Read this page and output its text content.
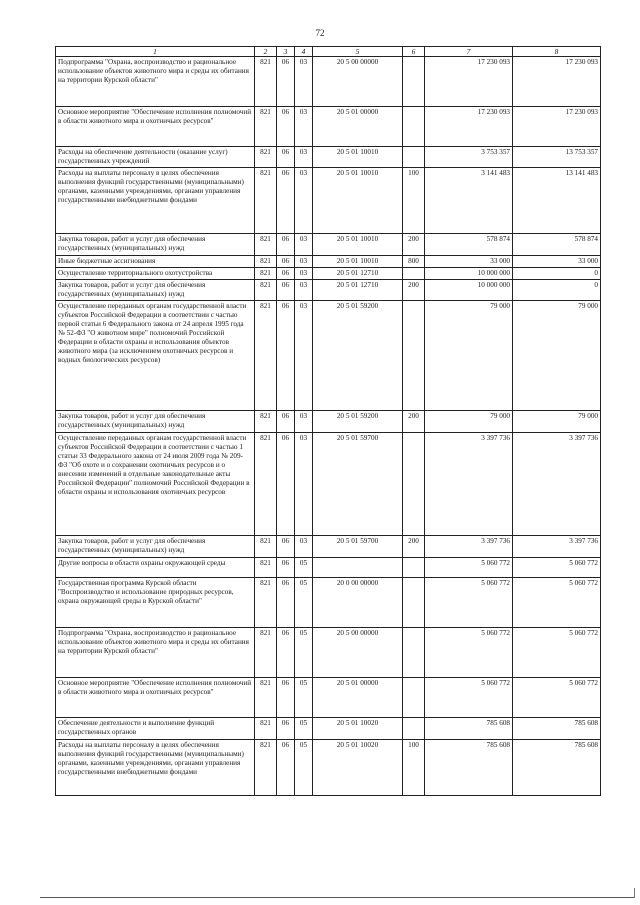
72
1	2	3	4	5	6	7	8
Подпрограмма "Охрана, воспроизводство и рациональное использование объектов животного мира и среды их обитания на территории Курской области"	821	06	03	20 5 00 00000		17 230 093	17 230 093
Основное мероприятие "Обеспечение исполнения полномочий в области животного мира и охотничьих ресурсов"	821	06	03	20 5 01 00000		17 230 093	17 230 093
Расходы на обеспечение деятельности (оказание услуг) государственных учреждений	821	06	03	20 5 01 10010		3 753 357	13 753 357
Расходы на выплаты персоналу в целях обеспечения выполнения функций государственными (муниципальными) органами, казенными учреждениями, органами управления государственными внебюджетными фондами	821	06	03	20 5 01 10010	100	3 141 483	13 141 483
Закупка товаров, работ и услуг для обеспечения государственных (муниципальных) нужд	821	06	03	20 5 01 10010	200	578 874	578 874
Иные бюджетные ассигнования	821	06	03	20 5 01 10010	800	33 000	33 000
Осуществление территориального охотустройства	821	06	03	20 5 01 12710		10 000 000	0
Закупка товаров, работ и услуг для обеспечения государственных (муниципальных) нужд	821	06	03	20 5 01 12710	200	10 000 000	0
Осуществление переданных органам государственной власти субъектов Российской Федерации в соответствии с частью первой статьи 6 Федерального закона от 24 апреля 1995 года № 52-ФЗ "О животном мире" полномочий Российской Федерации в области охраны и использования объектов животного мира (за исключением охотничьих ресурсов и водных биологических ресурсов)	821	06	03	20 5 01 59200		79 000	79 000
Закупка товаров, работ и услуг для обеспечения государственных (муниципальных) нужд	821	06	03	20 5 01 59200	200	79 000	79 000
Осуществление переданных органам государственной власти субъектов Российской Федерации в соответствии с частью 1 статьи 33 Федерального закона от 24 июля 2009 года № 209-ФЗ "Об охоте и о сохранении охотничьих ресурсов и о внесении изменений в отдельные законодательные акты Российской Федерации" полномочий Российской Федерации в области охраны и использования охотничьих ресурсов	821	06	03	20 5 01 59700		3 397 736	3 397 736
Закупка товаров, работ и услуг для обеспечения государственных (муниципальных) нужд	821	06	03	20 5 01 59700	200	3 397 736	3 397 736
Другие вопросы в области охраны окружающей среды	821	06	05			5 060 772	5 060 772
Государственная программа Курской области "Воспроизводство и использование природных ресурсов, охрана окружающей среды в Курской области"	821	06	05	20 0 00 00000		5 060 772	5 060 772
Подпрограмма "Охрана, воспроизводство и рациональное использование объектов животного мира и среды их обитания на территории Курской области"	821	06	05	20 5 00 00000		5 060 772	5 060 772
Основное мероприятие "Обеспечение исполнения полномочий в области животного мира и охотничьих ресурсов"	821	06	05	20 5 01 00000		5 060 772	5 060 772
Обеспечение деятельности и выполнение функций государственных органов	821	06	05	20 5 01 10020		785 608	785 608
Расходы на выплаты персоналу в целях обеспечения выполнения функций государственными (муниципальными) органами, казенными учреждениями, органами управления государственными внебюджетными фондами	821	06	05	20 5 01 10020	100	785 608	785 608
